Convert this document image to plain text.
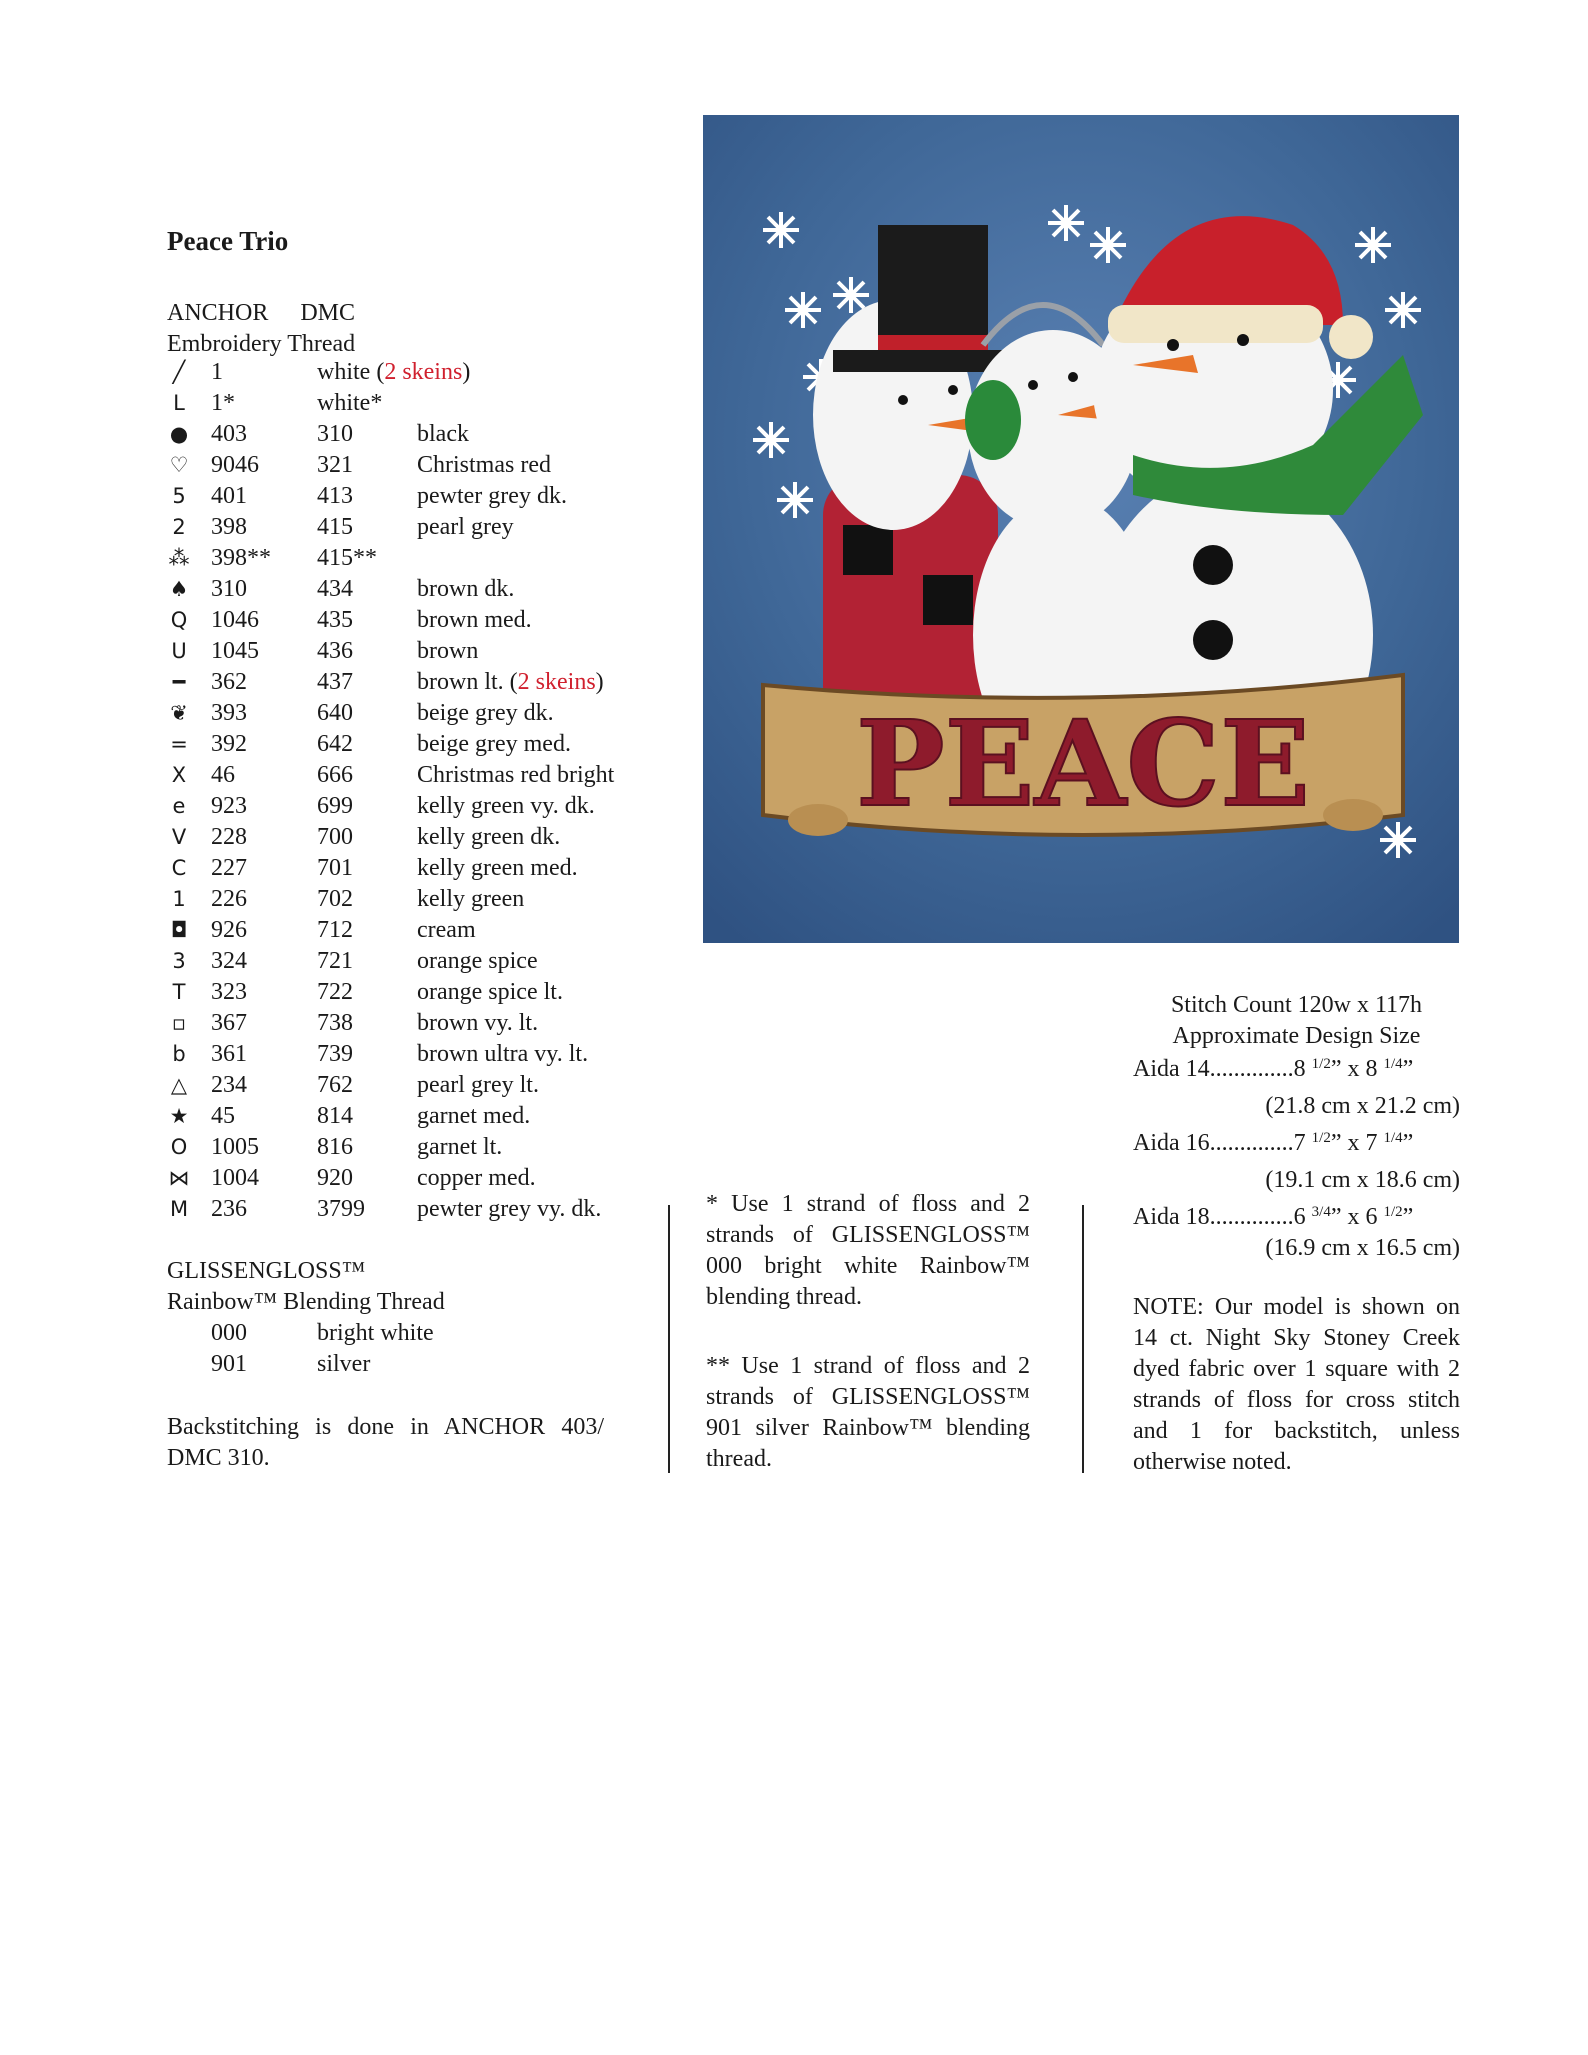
Peace Trio
ANCHOR DMC
Embroidery Thread
╱ 1	white (2 skeins)
L 1*	white*
● 403	310	black
♡ 9046 321	Christmas red
5 401	413	pewter grey dk.
2 398	415	pearl grey
⁂ 398** 415**
♠ 310	434	brown dk.
Q 1046 435	brown med.
U 1045 436	brown
━ 362	437	brown lt. (2 skeins)
❦ 393	640	beige grey dk.
= 392	642	beige grey med.
X 46	666	Christmas red bright
e 923	699	kelly green vy. dk.
V 228	700	kelly green dk.
C 227	701	kelly green med.
1 226	702	kelly green
◘ 926	712	cream
3 324	721	orange spice
T 323	722	orange spice lt.
▫ 367	738	brown vy. lt.
b 361	739	brown ultra vy. lt.
△ 234	762	pearl grey lt.
★ 45	814	garnet med.
O 1005 816	garnet lt.
⋈ 1004 920	copper med.
M 236	3799 pewter grey vy. dk.
GLISSENGLOSS™
Rainbow™ Blending Thread
000	bright white
901	silver
Backstitching is done in ANCHOR 403/ DMC 310.
* Use 1 strand of floss and 2 strands of GLISSENGLOSS™ 000 bright white Rainbow™ blending thread.
** Use 1 strand of floss and 2 strands of GLISSENGLOSS™ 901 silver Rainbow™ blending thread.
PEACE
Stitch Count 120w x 117h
Approximate Design Size
Aida 14..............8 $^{1/2}$” x 8 $^{1/4}$”
(21.8 cm x 21.2 cm)
Aida 16..............7 $^{1/2}$” x 7 $^{1/4}$”
(19.1 cm x 18.6 cm)
Aida 18..............6 $^{3/4}$” x 6 $^{1/2}$”
(16.9 cm x 16.5 cm)
NOTE: Our model is shown on 14 ct. Night Sky Stoney Creek dyed fabric over 1 square with 2 strands of floss for cross stitch and 1 for backstitch, unless otherwise noted.
